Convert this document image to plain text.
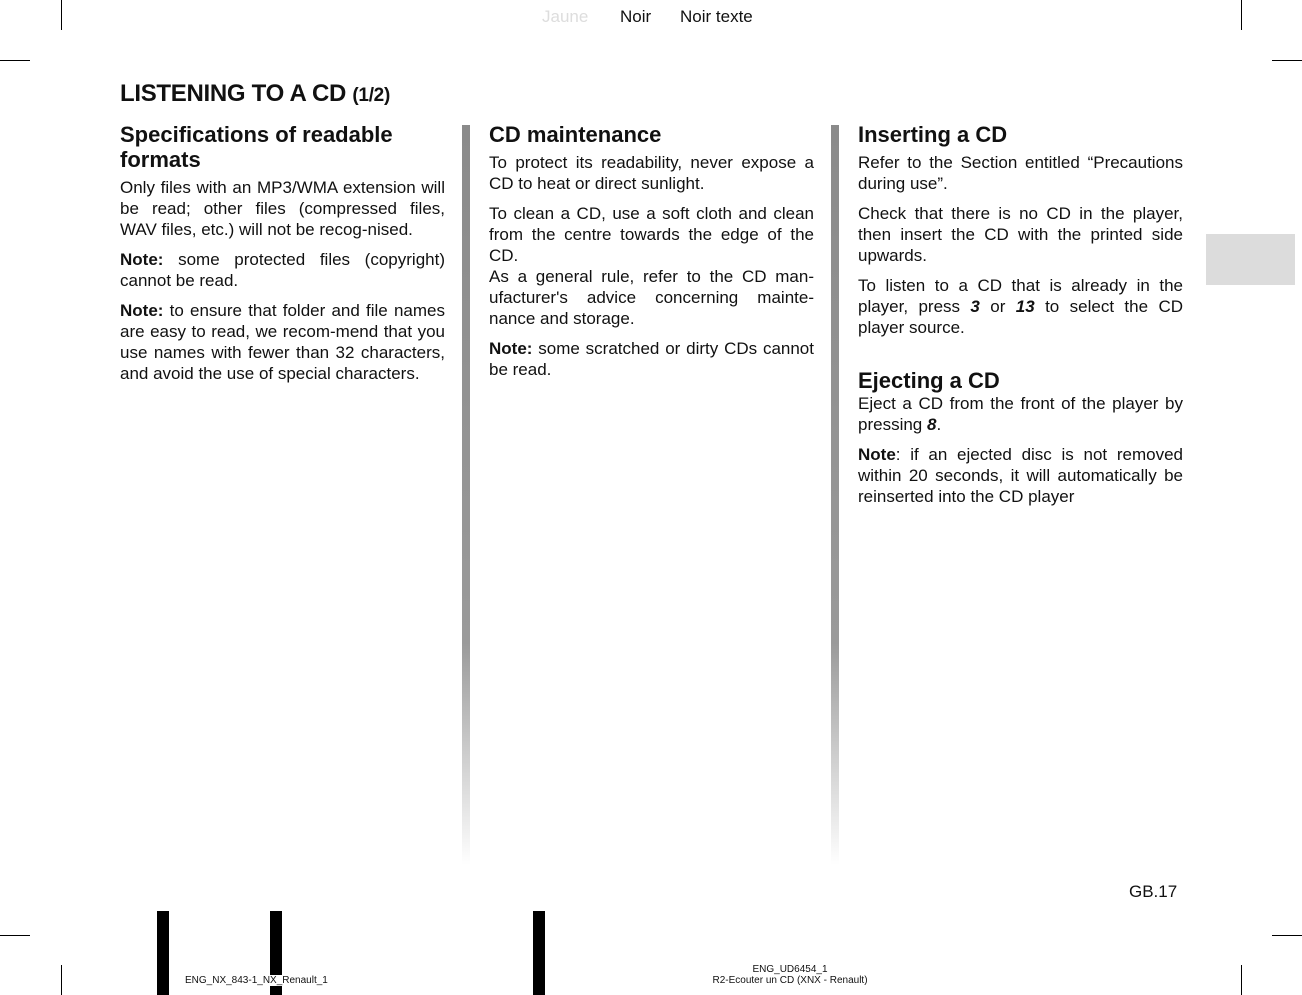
Jaune Noir Noir texte
LISTENING TO A CD (1/2)
Specifications of readable formats

Only files with an MP3/WMA extension will be read; other files (compressed files, WAV files, etc.) will not be recog-nised.

Note: some protected files (copyright) cannot be read.

Note: to ensure that folder and file names are easy to read, we recom-mend that you use names with fewer than 32 characters, and avoid the use of special characters.

CD maintenance

To protect its readability, never expose a CD to heat or direct sunlight.

To clean a CD, use a soft cloth and clean from the centre towards the edge of the CD.

As a general rule, refer to the CD man-ufacturer's advice concerning mainte-nance and storage.

Note: some scratched or dirty CDs cannot be read.

Inserting a CD

Refer to the Section entitled “Precautions during use”.

Check that there is no CD in the player, then insert the CD with the printed side upwards.

To listen to a CD that is already in the player, press 3 or 13 to select the CD player source.

Ejecting a CD

Eject a CD from the front of the player by pressing 8.

Note: if an ejected disc is not removed within 20 seconds, it will automatically be reinserted into the CD player

GB.17
ENG_NX_843-1_NX_Renault_1
ENG_UD6454_1
R2-Ecouter un CD (XNX - Renault)
